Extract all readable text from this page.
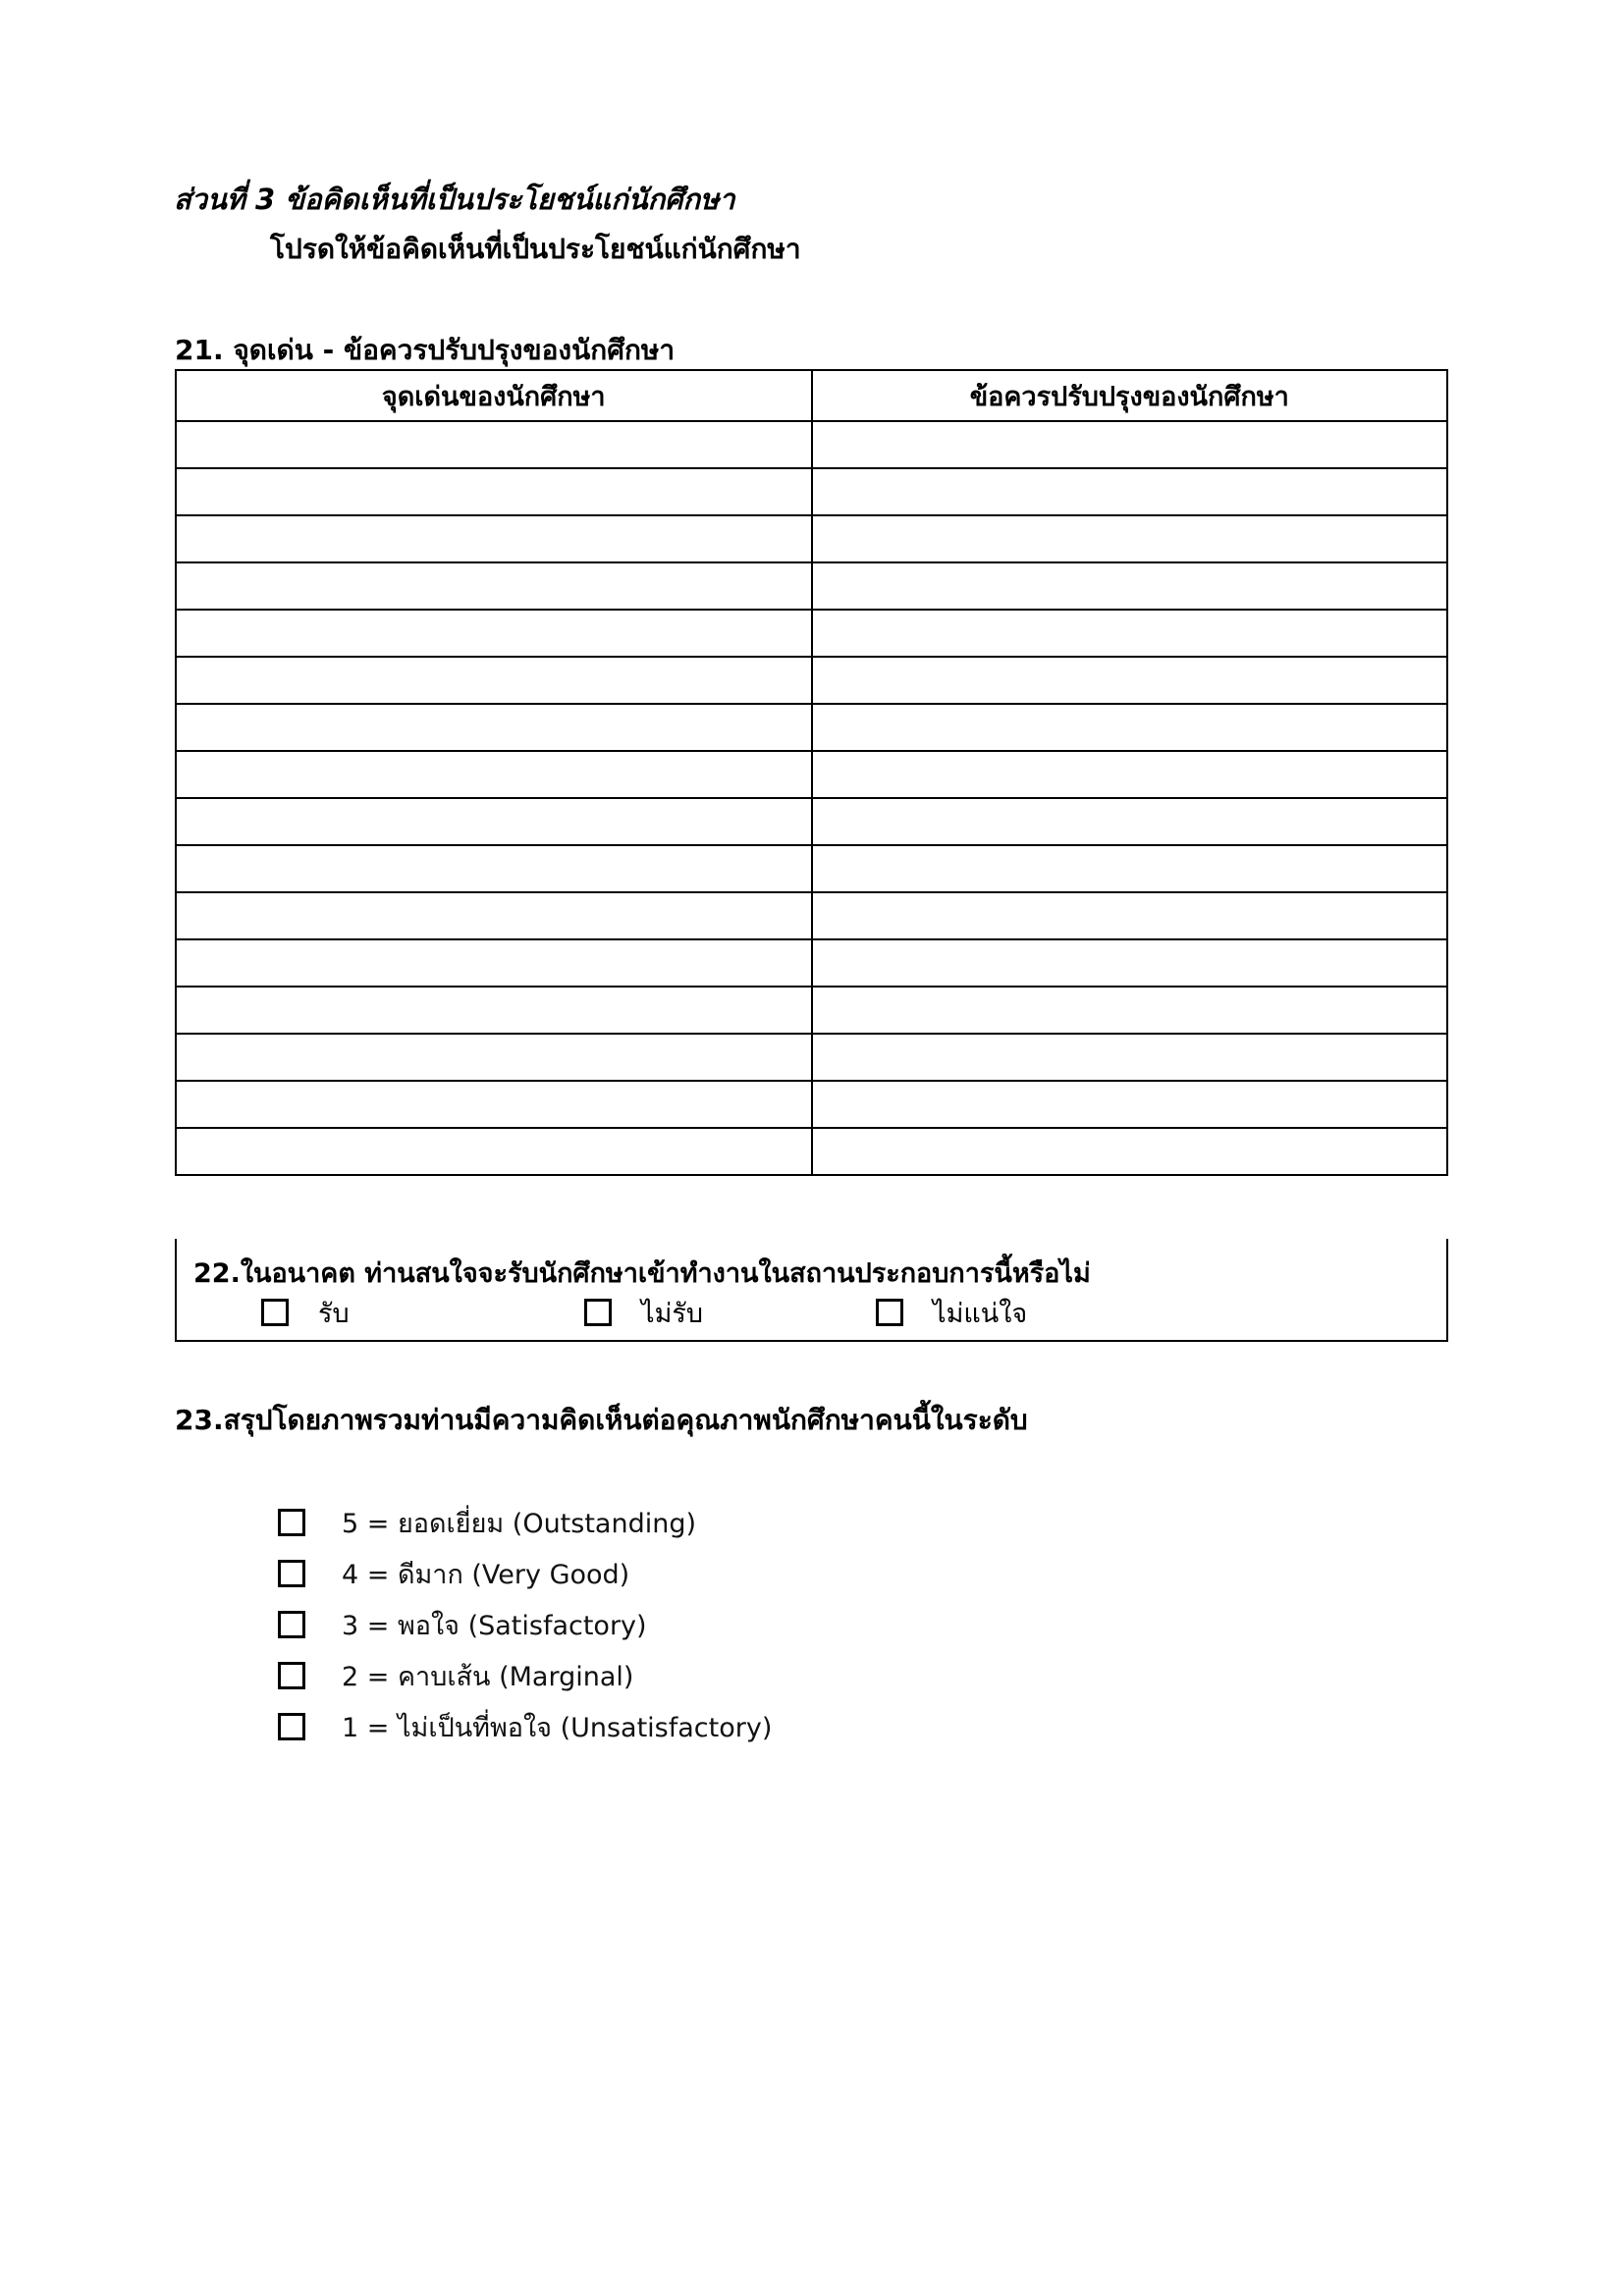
ส่วนที่ 3 ข้อคิดเห็นที่เป็นประโยชน์แก่นักศึกษา
โปรดให้ข้อคิดเห็นที่เป็นประโยชน์แก่นักศึกษา
21. จุดเด่น - ข้อควรปรับปรุงของนักศึกษา
จุดเด่นของนักศึกษา	ข้อควรปรับปรุงของนักศึกษา

22.ในอนาคต ท่านสนใจจะรับนักศึกษาเข้าทำงานในสถานประกอบการนี้หรือไม่
รับ	ไม่รับ	ไม่แน่ใจ
23.สรุปโดยภาพรวมท่านมีความคิดเห็นต่อคุณภาพนักศึกษาคนนี้ในระดับ
5 = ยอดเยี่ยม (Outstanding)
4 = ดีมาก (Very Good)
3 = พอใจ (Satisfactory)
2 = คาบเส้น (Marginal)
1 = ไม่เป็นที่พอใจ (Unsatisfactory)
